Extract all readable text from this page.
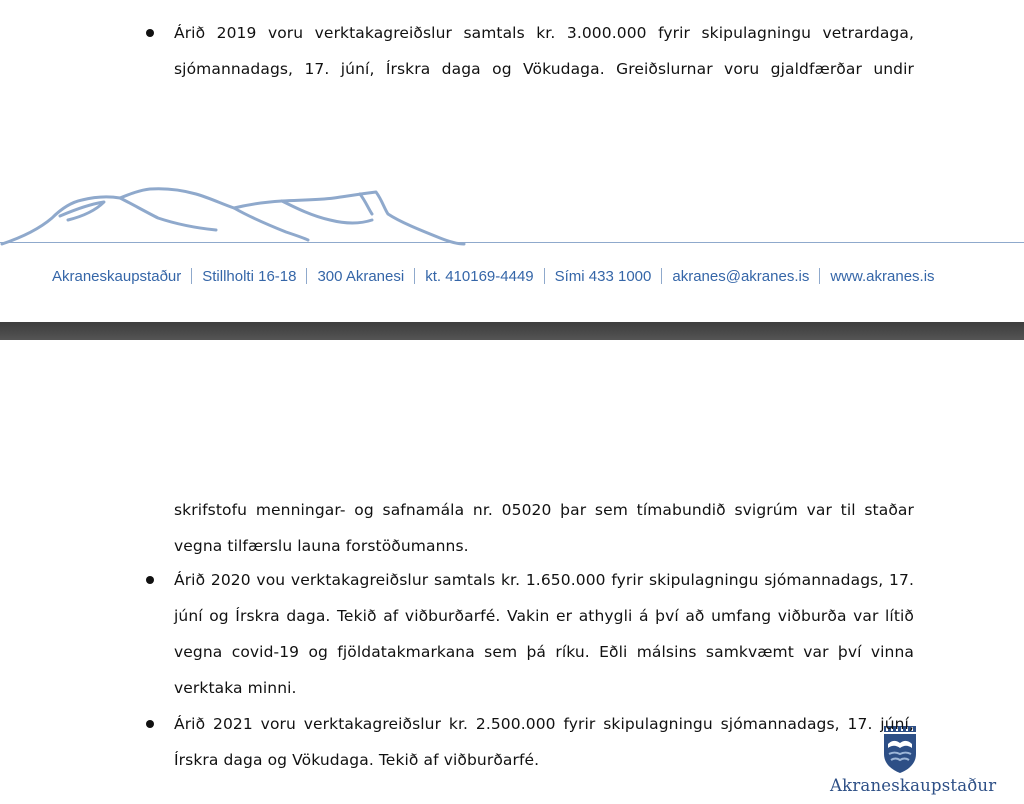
Árið 2019 voru verktakagreiðslur samtals kr. 3.000.000 fyrir skipulagningu vetrardaga,
sjómannadags, 17. júní, Írskra daga og Vökudaga. Greiðslurnar voru gjaldfærðar undir
Akraneskaupstaður Stillholti 16-18 300 Akranesi kt. 410169-4449 Sími 433 1000 akranes@akranes.is www.akranes.is
Akraneskaupstaður
skrifstofu menningar- og safnamála nr. 05020 þar sem tímabundið svigrúm var til staðar
vegna tilfærslu launa forstöðumanns.
Árið 2020 vou verktakagreiðslur samtals kr. 1.650.000 fyrir skipulagningu sjómannadags, 17.
júní og Írskra daga. Tekið af viðburðarfé. Vakin er athygli á því að umfang viðburða var lítið
vegna covid-19 og fjöldatakmarkana sem þá ríku. Eðli málsins samkvæmt var því vinna
verktaka minni.
Árið 2021 voru verktakagreiðslur kr. 2.500.000 fyrir skipulagningu sjómannadags, 17. júní,
Írskra daga og Vökudaga. Tekið af viðburðarfé.
